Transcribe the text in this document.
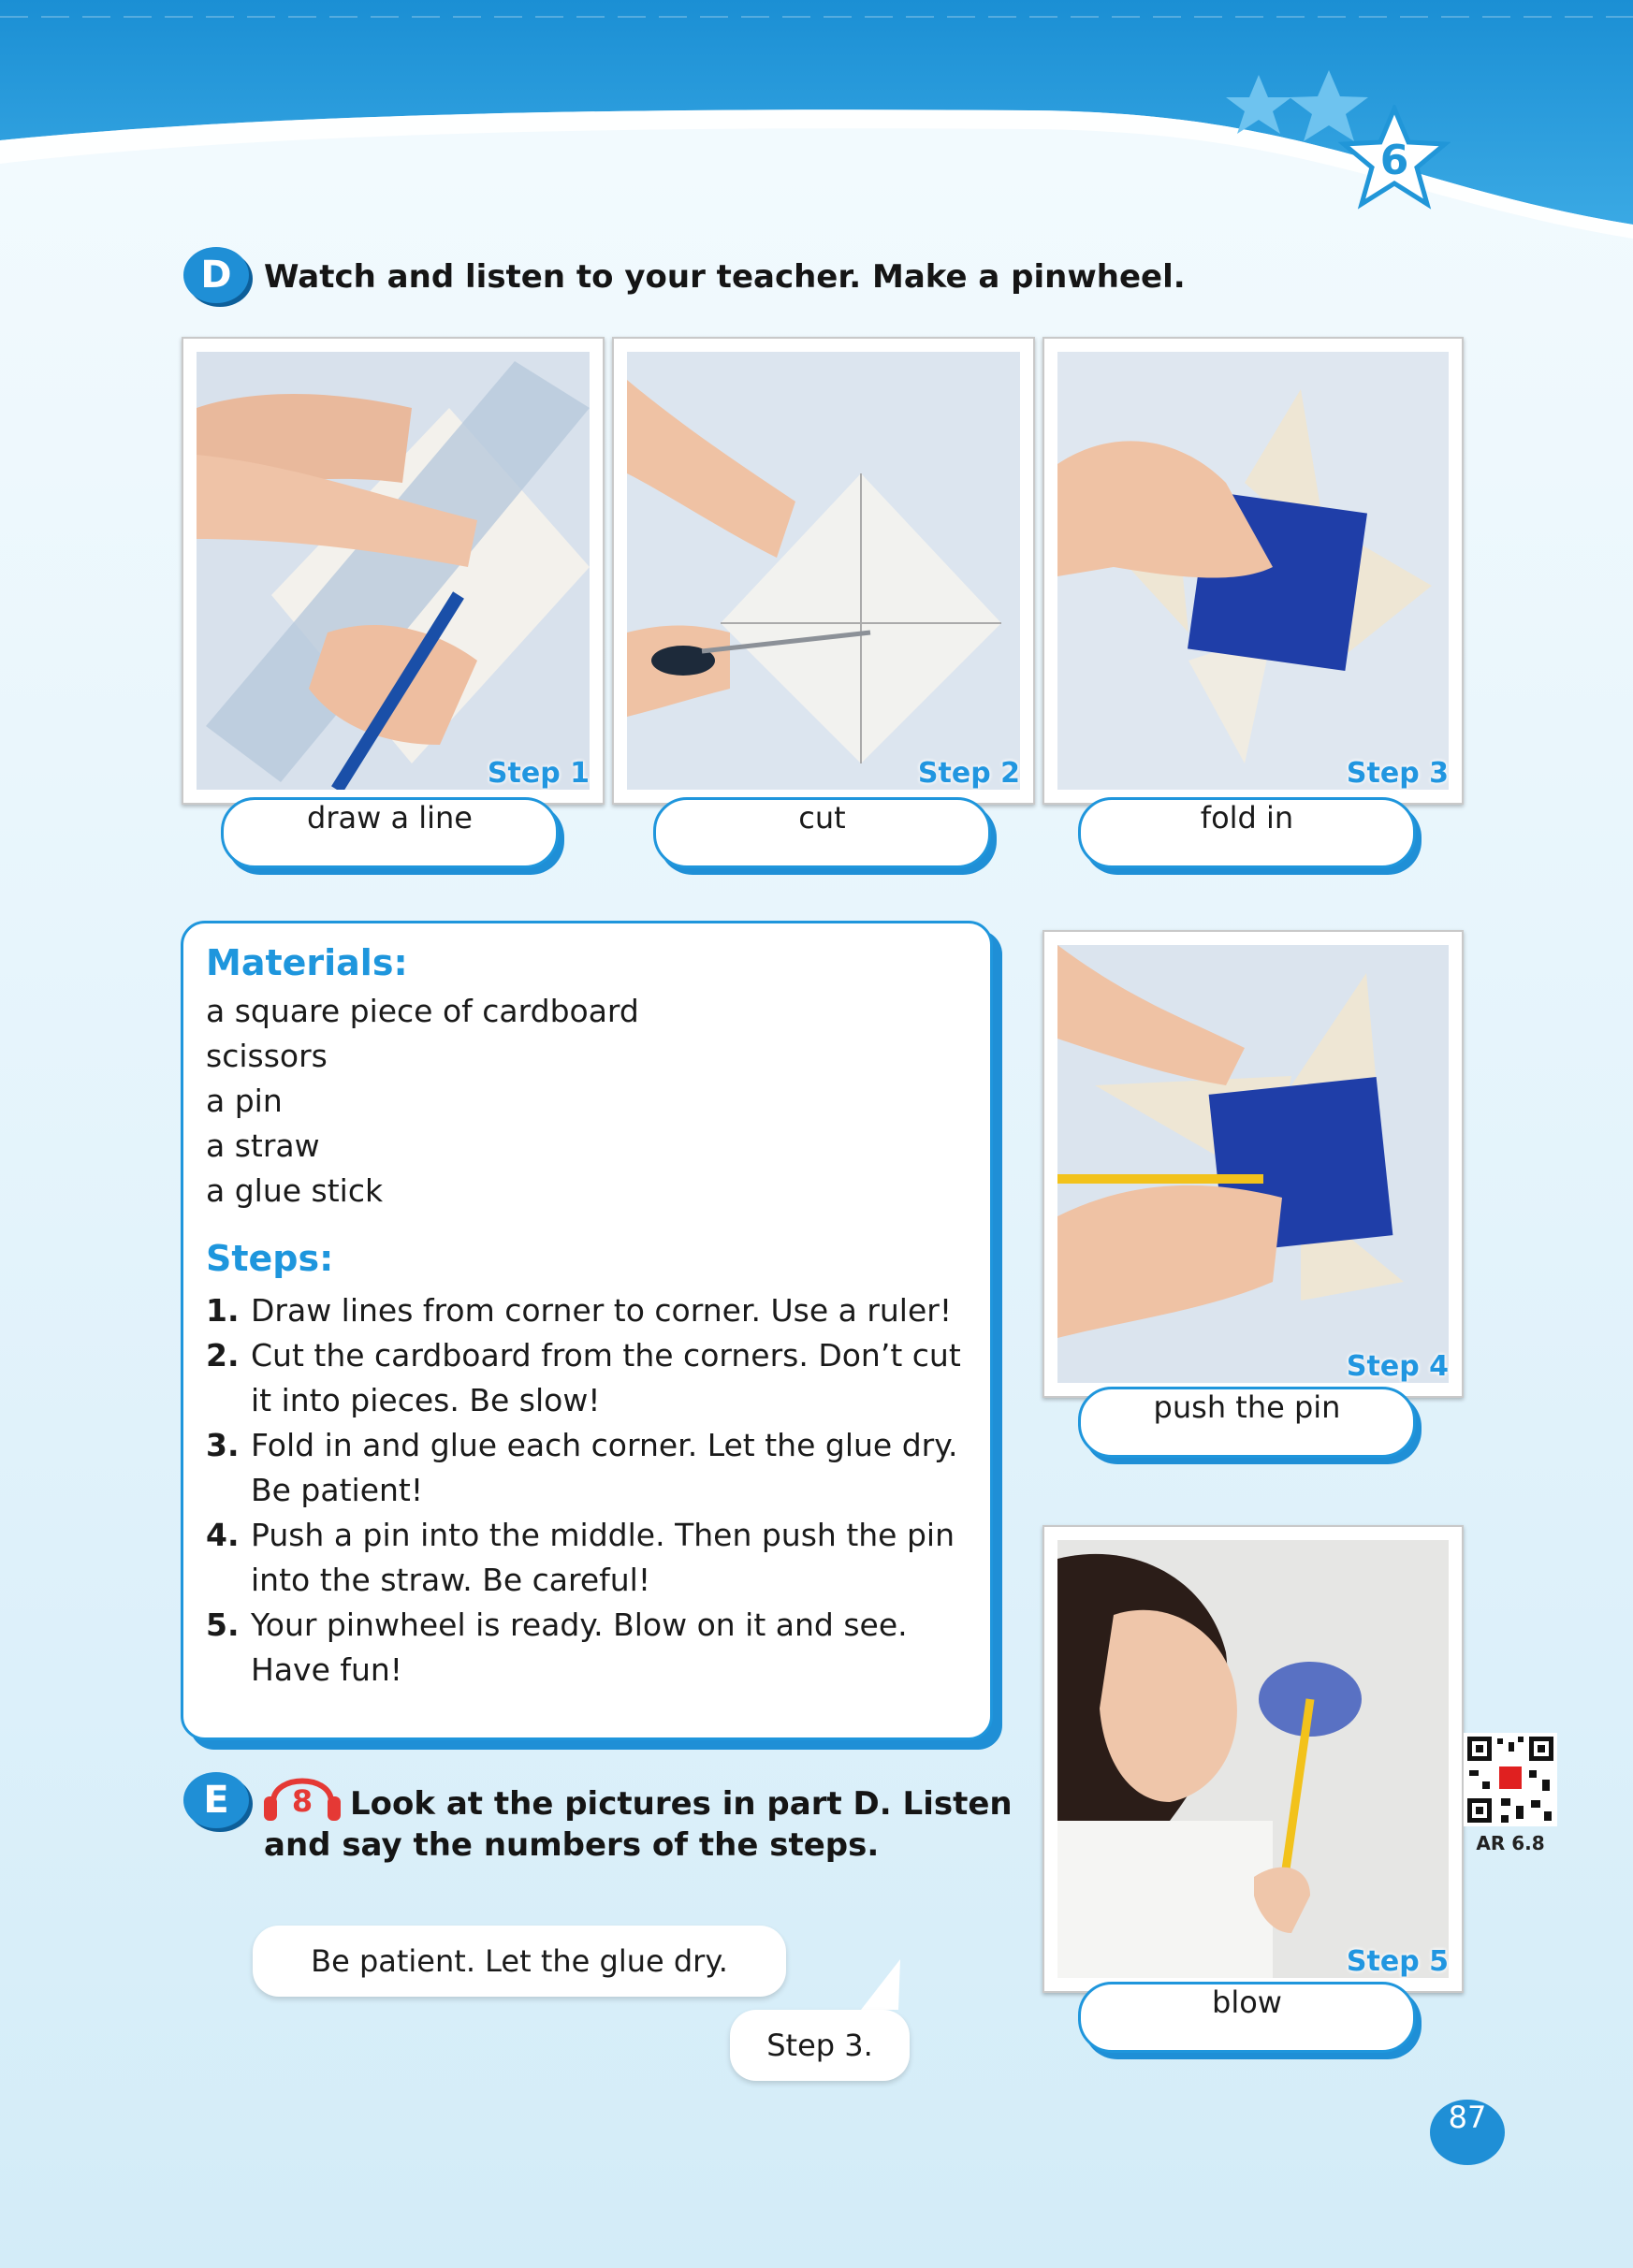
6
D	Watch and listen to your teacher. Make a pinwheel.
Step 1
draw a line
Step 2
cut
Step 3
fold in
Materials:
a square piece of cardboard
scissors
a pin
a straw
a glue stick
Steps:
1. Draw lines from corner to corner. Use a ruler!
2. Cut the cardboard from the corners. Don’t cut it into pieces. Be slow!
3. Fold in and glue each corner. Let the glue dry. Be patient!
4. Push a pin into the middle. Then push the pin into the straw. Be careful!
5. Your pinwheel is ready. Blow on it and see. Have fun!
Step 4
push the pin
Step 5
blow
AR 6.8
E	8	Look at the pictures in part D. Listen
and say the numbers of the steps.
Be patient. Let the glue dry.
Step 3.
87
